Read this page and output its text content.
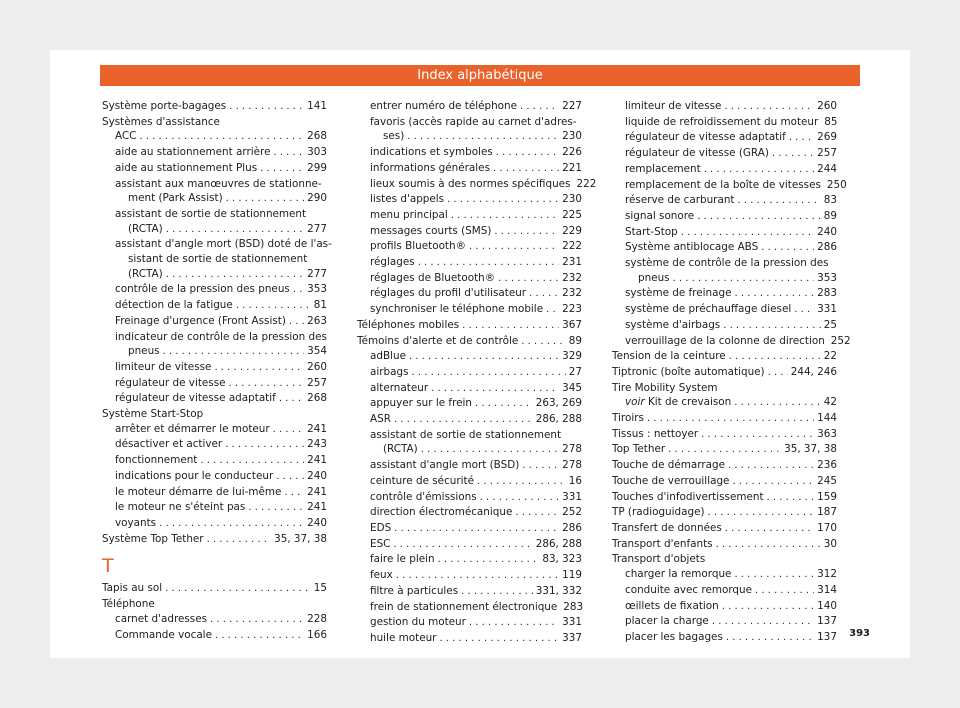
Index alphabétique
Système porte-bagages . . .	141
Systèmes d'assistance
ACC . . .	268
aide au stationnement arrière . . .	303
aide au stationnement Plus . . .	299
assistant aux manœuvres de stationne-
ment (Park Assist) . . .	290
assistant de sortie de stationnement
(RCTA) . . .	277
assistant d'angle mort (BSD) doté de l'as-
sistant de sortie de stationnement
(RCTA) . . .	277
contrôle de la pression des pneus . . . 353
détection de la fatigue . . .	81
Freinage d'urgence (Front Assist) . . . 263
indicateur de contrôle de la pression des
pneus . . .	354
limiteur de vitesse . . .	260
régulateur de vitesse . . .	257
régulateur de vitesse adaptatif . . .	268
Système Start-Stop
arrêter et démarrer le moteur . . .	241
désactiver et activer . . .	243
fonctionnement . . .	241
indications pour le conducteur . . .	240
le moteur démarre de lui-même . . . 241
le moteur ne s'éteint pas . . .	241
voyants . . .	240
Système Top Tether . . .	35, 37, 38
T
Tapis au sol . . .	15
Téléphone
carnet d'adresses . . .	228
Commande vocale . . .	166
entrer numéro de téléphone . . .	227
favoris (accès rapide au carnet d'adres-
ses) . . .	230
indications et symboles . . .	226
informations générales . . .	221
lieux soumis à des normes spécifiques 222
listes d'appels . . .	230
menu principal . . .	225
messages courts (SMS) . . .	229
profils Bluetooth® . . .	222
réglages . . .	231
réglages de Bluetooth® . . .	232
réglages du profil d'utilisateur . . .	232
synchroniser le téléphone mobile . . . 223
Téléphones mobiles . . .	367
Témoins d'alerte et de contrôle . . .	89
adBlue . . .	329
airbags . . .	27
alternateur . . .	345
appuyer sur le frein . . .	263, 269
ASR . . .	286, 288
assistant de sortie de stationnement
(RCTA) . . .	278
assistant d'angle mort (BSD) . . .	278
ceinture de sécurité . . .	16
contrôle d'émissions . . .	331
direction électromécanique . . .	252
EDS . . .	286
ESC . . .	286, 288
faire le plein . . .	83, 323
feux . . .	119
filtre à particules . . .	331, 332
frein de stationnement électronique 283
gestion du moteur . . .	331
huile moteur . . .	337
limiteur de vitesse . . .	260
liquide de refroidissement du moteur 85
régulateur de vitesse adaptatif . . .	269
régulateur de vitesse (GRA) . . .	257
remplacement . . .	244
remplacement de la boîte de vitesses 250
réserve de carburant . . .	83
signal sonore . . .	89
Start-Stop . . .	240
Système antiblocage ABS . . .	286
système de contrôle de la pression des
pneus . . .	353
système de freinage . . .	283
système de préchauffage diesel . . . 331
système d'airbags . . .	25
verrouillage de la colonne de direction 252
Tension de la ceinture . . .	22
Tiptronic (boîte automatique) . . .	244, 246
Tire Mobility System
voir Kit de crevaison . . .	42
Tiroirs . . .	144
Tissus : nettoyer . . .	363
Top Tether . . .	35, 37, 38
Touche de démarrage . . .	236
Touche de verrouillage . . .	245
Touches d'infodivertissement . . .	159
TP (radioguidage) . . .	187
Transfert de données . . .	170
Transport d'enfants . . .	30
Transport d'objets
charger la remorque . . .	312
conduite avec remorque . . .	314
œillets de fixation . . .	140
placer la charge . . .	137
placer les bagages . . .	137 393
